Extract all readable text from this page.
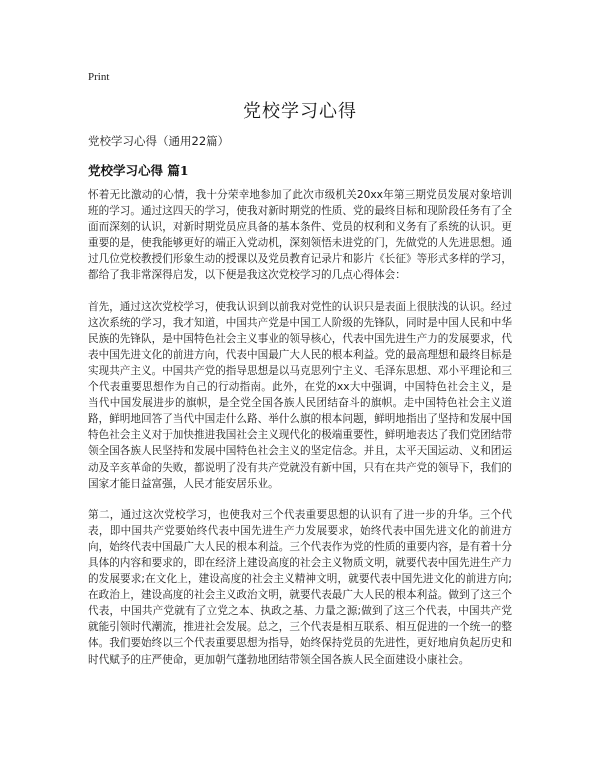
Print
党校学习心得
党校学习心得（通用22篇）
党校学习心得 篇1

怀着无比激动的心情，我十分荣幸地参加了此次市级机关20xx年第三期党员发展对象培训班的学习。通过这四天的学习，使我对新时期党的性质、党的最终目标和现阶段任务有了全面而深刻的认识，对新时期党员应具备的基本条件、党员的权利和义务有了系统的认识。更重要的是，使我能够更好的端正入党动机，深刻领悟未进党的门，先做党的人先进思想。通过几位党校教授们形象生动的授课以及党员教育记录片和影片《长征》等形式多样的学习，都给了我非常深得启发，以下便是我这次党校学习的几点心得体会：

首先，通过这次党校学习，使我认识到以前我对党性的认识只是表面上很肤浅的认识。经过这次系统的学习，我才知道，中国共产党是中国工人阶级的先锋队，同时是中国人民和中华民族的先锋队，是中国特色社会主义事业的领导核心，代表中国先进生产力的发展要求，代表中国先进文化的前进方向，代表中国最广大人民的根本利益。党的最高理想和最终目标是实现共产主义。中国共产党的指导思想是以马克思列宁主义、毛泽东思想、邓小平理论和三个代表重要思想作为自己的行动指南。此外，在党的xx大中强调，中国特色社会主义，是当代中国发展进步的旗帜，是全党全国各族人民团结奋斗的旗帜。走中国特色社会主义道路，鲜明地回答了当代中国走什么路、举什么旗的根本问题，鲜明地指出了坚持和发展中国特色社会主义对于加快推进我国社会主义现代化的极端重要性，鲜明地表达了我们党团结带领全国各族人民坚持和发展中国特色社会主义的坚定信念。并且，太平天国运动、义和团运动及辛亥革命的失败，都说明了没有共产党就没有新中国，只有在共产党的领导下，我们的国家才能日益富强，人民才能安居乐业。

第二，通过这次党校学习，也使我对三个代表重要思想的认识有了进一步的升华。三个代表，即中国共产党要始终代表中国先进生产力发展要求，始终代表中国先进文化的前进方向，始终代表中国最广大人民的根本利益。三个代表作为党的性质的重要内容，是有着十分具体的内容和要求的，即在经济上建设高度的社会主义物质文明，就要代表中国先进生产力的发展要求;在文化上，建设高度的社会主义精神文明，就要代表中国先进文化的前进方向;在政治上，建设高度的社会主义政治文明，就要代表最广大人民的根本利益。做到了这三个代表，中国共产党就有了立党之本、执政之基、力量之源;做到了这三个代表，中国共产党就能引领时代潮流，推进社会发展。总之，三个代表是相互联系、相互促进的一个统一的整体。我们要始终以三个代表重要思想为指导，始终保持党员的先进性，更好地肩负起历史和时代赋予的庄严使命，更加朝气蓬勃地团结带领全国各族人民全面建设小康社会。
